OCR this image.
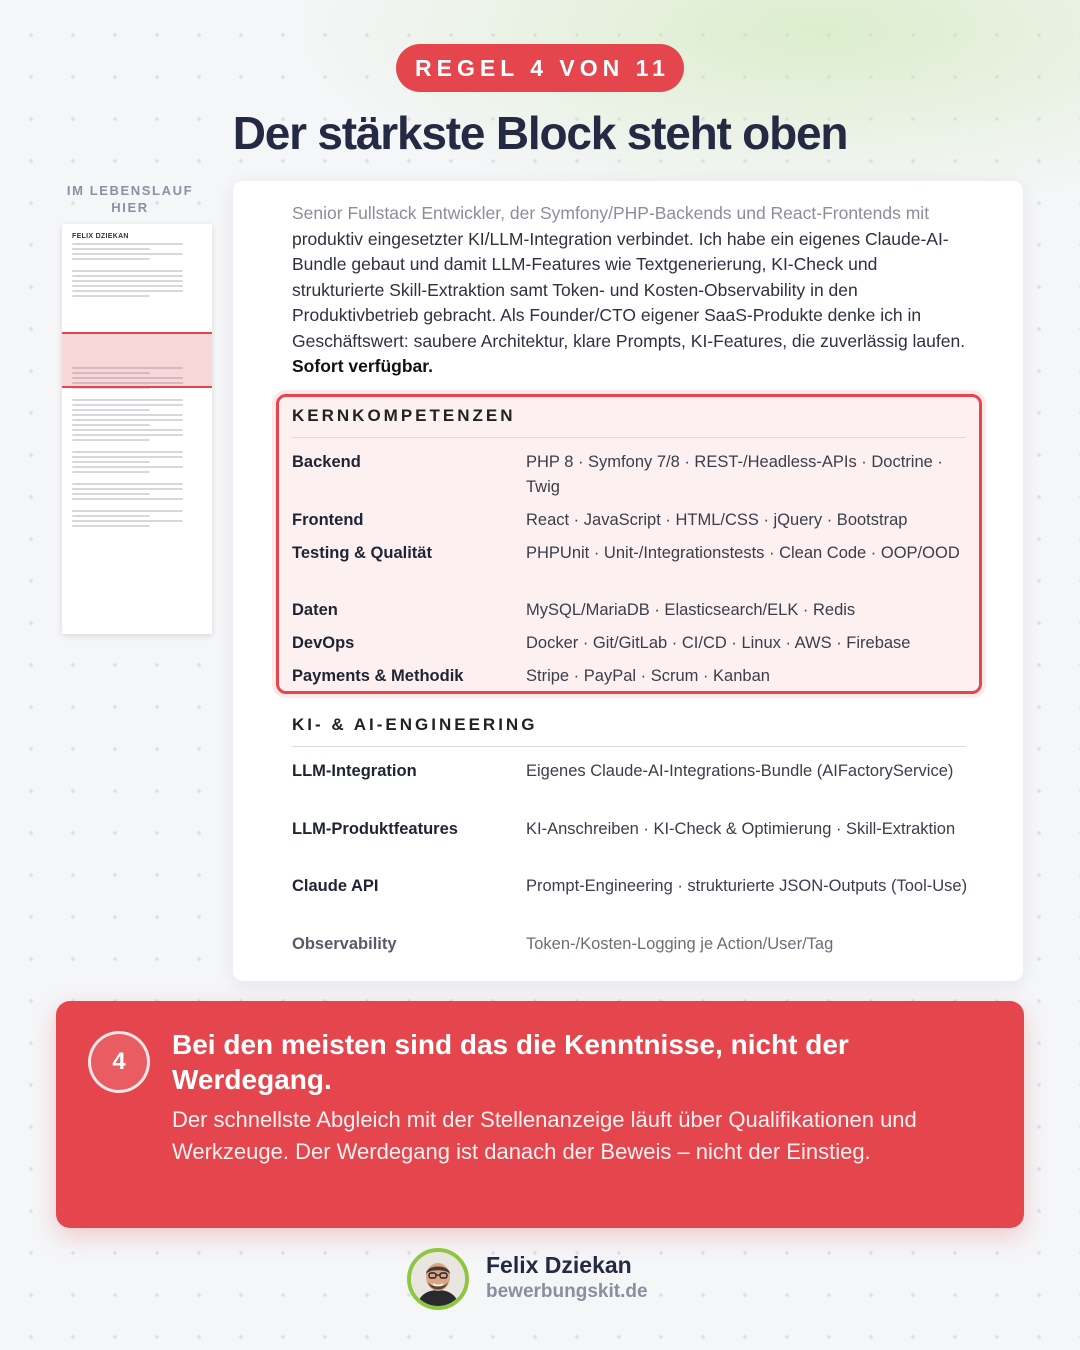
REGEL 4 VON 11
Der stärkste Block steht oben
IM LEBENSLAUF
HIER
FELIX DZIEKAN

Senior Fullstack Entwickler, der Symfony/PHP-Backends und React-Frontends mit produktiv eingesetzter KI/LLM-Integration verbindet. Ich habe ein eigenes Claude-AI-Bundle gebaut und damit LLM-Features wie Textgenerierung, KI-Check und strukturierte Skill-Extraktion samt Token- und Kosten-Observability in den Produktivbetrieb gebracht. Als Founder/CTO eigener SaaS-Produkte denke ich in Geschäftswert: saubere Architektur, klare Prompts, KI-Features, die zuverlässig laufen. Sofort verfügbar.

KERNKOMPETENZEN
Backend	PHP 8 · Symfony 7/8 · REST-/Headless-APIs · Doctrine · Twig
Frontend	React · JavaScript · HTML/CSS · jQuery · Bootstrap
Testing & Qualität	PHPUnit · Unit-/Integrationstests · Clean Code · OOP/OOD
Daten	MySQL/MariaDB · Elasticsearch/ELK · Redis
DevOps	Docker · Git/GitLab · CI/CD · Linux · AWS · Firebase
Payments & Methodik	Stripe · PayPal · Scrum · Kanban
KI- & AI-ENGINEERING
LLM-Integration	Eigenes Claude-AI-Integrations-Bundle (AIFactoryService)
LLM-Produktfeatures	KI-Anschreiben · KI-Check & Optimierung · Skill-Extraktion
Claude API	Prompt-Engineering · strukturierte JSON-Outputs (Tool-Use)
Observability	Token-/Kosten-Logging je Action/User/Tag
4
Bei den meisten sind das die Kenntnisse, nicht der Werdegang.
Der schnellste Abgleich mit der Stellenanzeige läuft über Qualifikationen und Werkzeuge. Der Werdegang ist danach der Beweis – nicht der Einstieg.
Felix Dziekan
bewerbungskit.de
